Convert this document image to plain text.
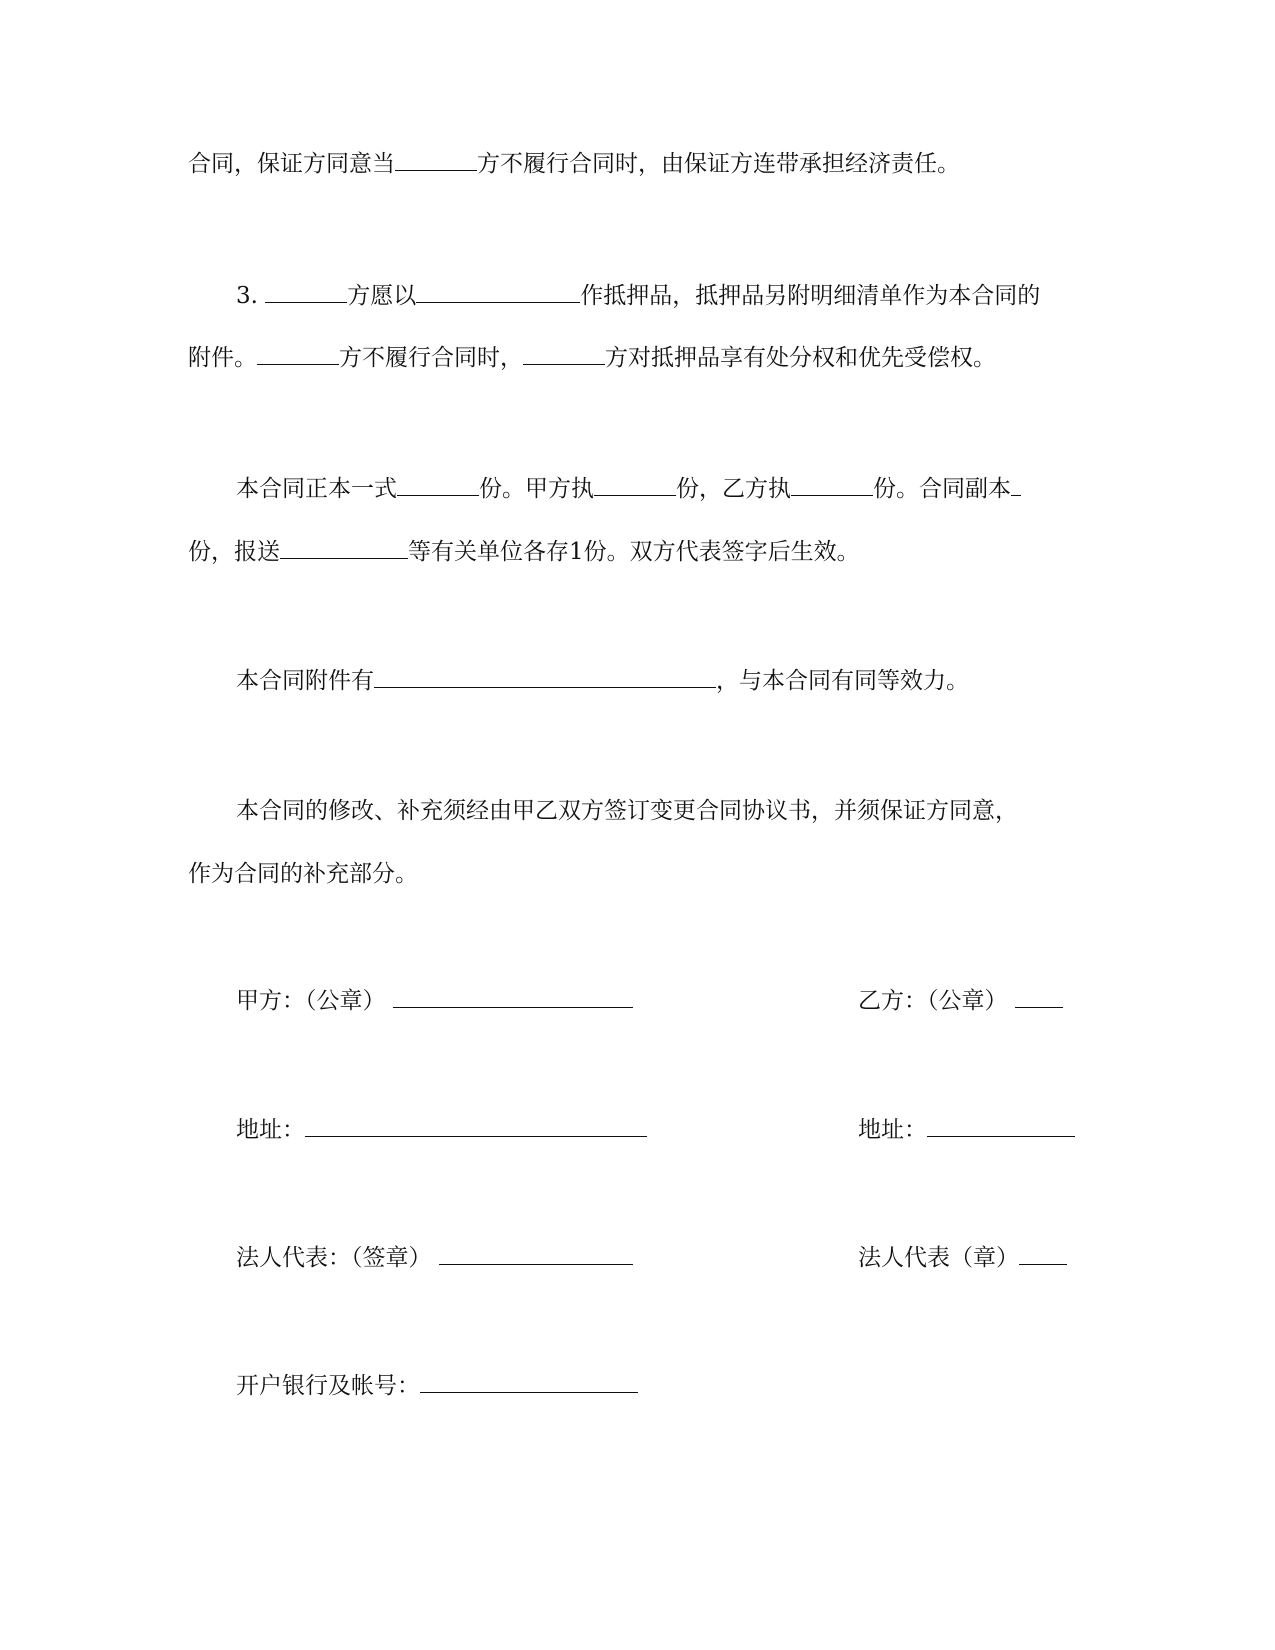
合同，保证方同意当	方不履行合同时，由保证方连带承担经济责任。
3.	方愿以	作抵押品，抵押品另附明细清单作为本合同的
附件。	方不履行合同时，	方对抵押品享有处分权和优先受偿权。
本合同正本一式	份。甲方执	份，乙方执	份。合同副本
份，报送	等有关单位各存1份。双方代表签字后生效。
本合同附件有	，与本合同有同等效力。
本合同的修改、补充须经由甲乙双方签订变更合同协议书，并须保证方同意，
作为合同的补充部分。
甲方：（公章）	乙方：（公章）
地址：	地址：
法人代表：（签章）	法人代表（章）
开户银行及帐号：
